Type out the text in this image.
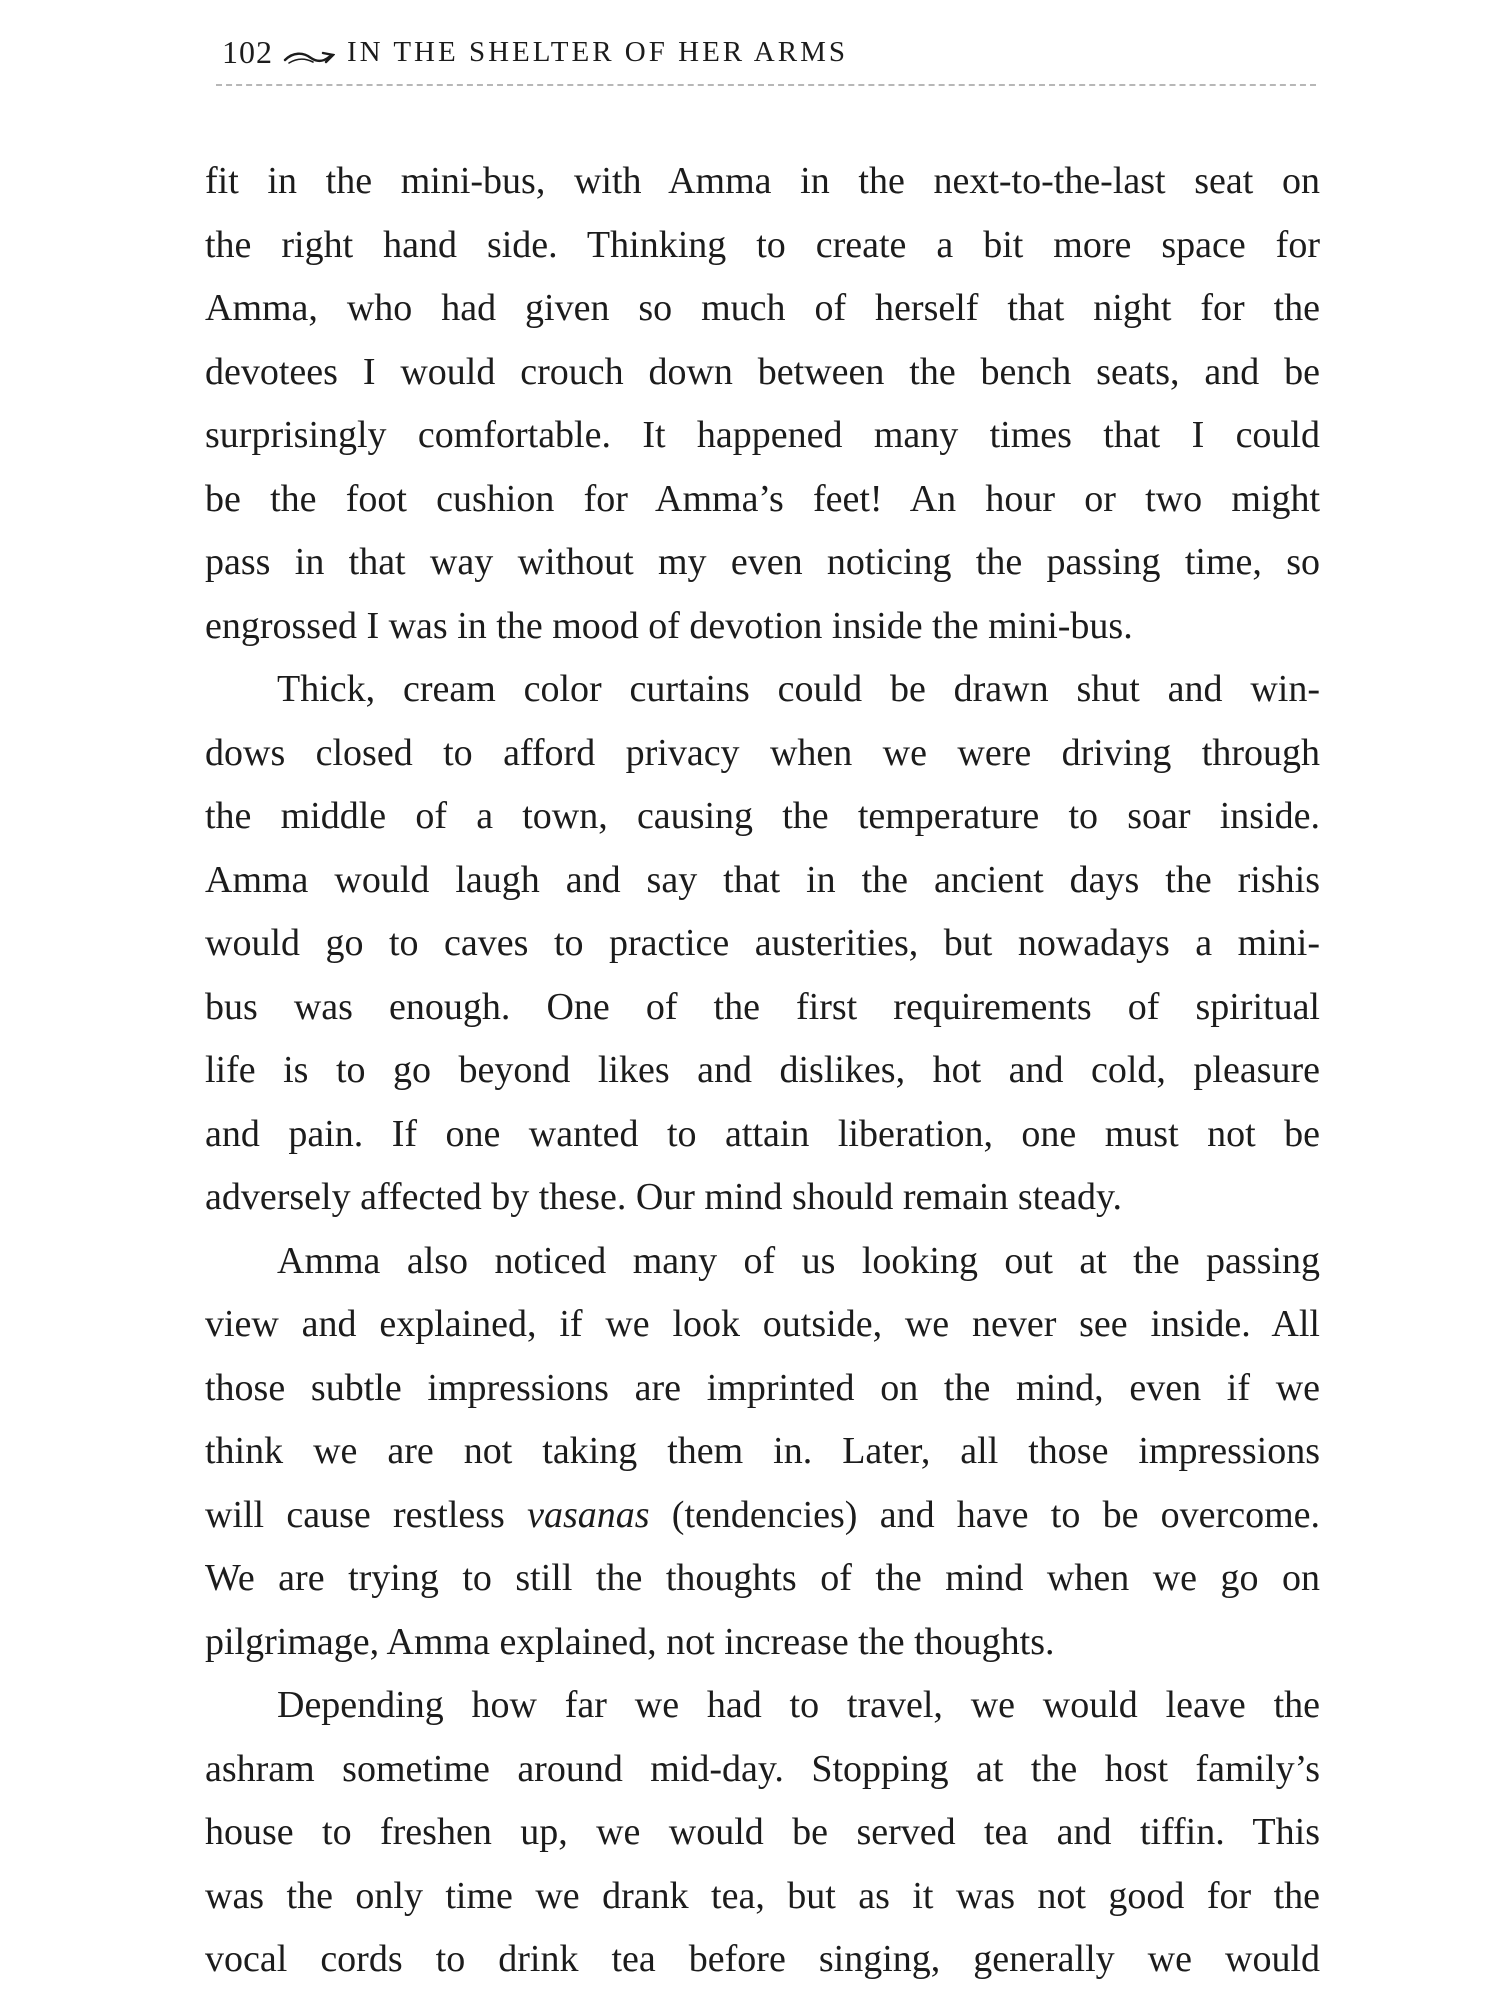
102	IN THE SHELTER OF HER ARMS
fit in the mini-bus, with Amma in the next-to-the-last seat on
the right hand side. Thinking to create a bit more space for
Amma, who had given so much of herself that night for the
devotees I would crouch down between the bench seats, and be
surprisingly comfortable. It happened many times that I could
be the foot cushion for Amma’s feet! An hour or two might
pass in that way without my even noticing the passing time, so
engrossed I was in the mood of devotion inside the mini-bus.
Thick, cream color curtains could be drawn shut and win-
dows closed to afford privacy when we were driving through
the middle of a town, causing the temperature to soar inside.
Amma would laugh and say that in the ancient days the rishis
would go to caves to practice austerities, but nowadays a mini-
bus was enough. One of the first requirements of spiritual
life is to go beyond likes and dislikes, hot and cold, pleasure
and pain. If one wanted to attain liberation, one must not be
adversely affected by these. Our mind should remain steady.
Amma also noticed many of us looking out at the passing
view and explained, if we look outside, we never see inside. All
those subtle impressions are imprinted on the mind, even if we
think we are not taking them in. Later, all those impressions
will cause restless vasanas (tendencies) and have to be overcome.
We are trying to still the thoughts of the mind when we go on
pilgrimage, Amma explained, not increase the thoughts.
Depending how far we had to travel, we would leave the
ashram sometime around mid-day. Stopping at the host family’s
house to freshen up, we would be served tea and tiffin. This
was the only time we drank tea, but as it was not good for the
vocal cords to drink tea before singing, generally we would
